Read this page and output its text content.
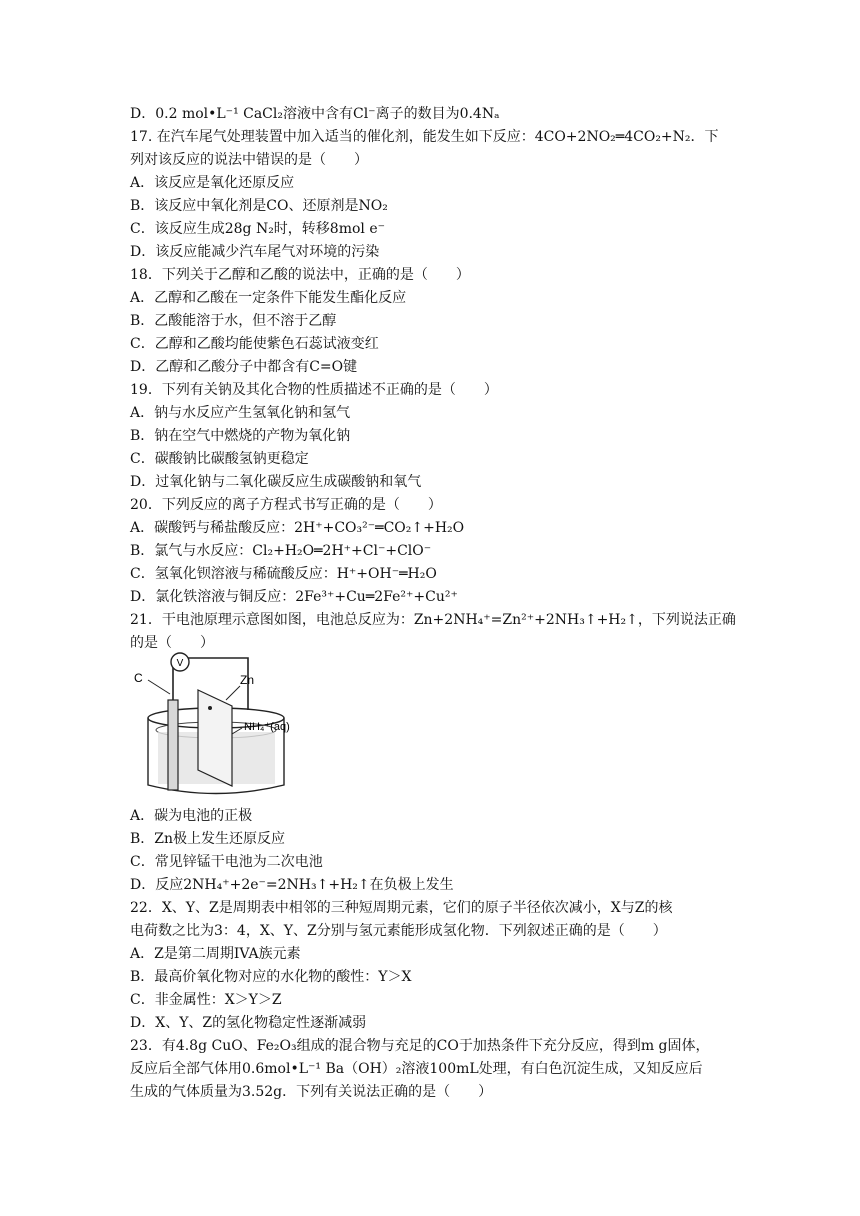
D．0.2 mol•L⁻¹ CaCl₂溶液中含有Cl⁻离子的数目为0.4Nₐ
17. 在汽车尾气处理装置中加入适当的催化剂，能发生如下反应：4CO+2NO₂═4CO₂+N₂．下
列对该反应的说法中错误的是（　　）
A．该反应是氧化还原反应
B．该反应中氧化剂是CO、还原剂是NO₂
C．该反应生成28g N₂时，转移8mol e⁻
D．该反应能减少汽车尾气对环境的污染
18．下列关于乙醇和乙酸的说法中，正确的是（　　）
A．乙醇和乙酸在一定条件下能发生酯化反应
B．乙酸能溶于水，但不溶于乙醇
C．乙醇和乙酸均能使紫色石蕊试液变红
D．乙醇和乙酸分子中都含有C=O键
19．下列有关钠及其化合物的性质描述不正确的是（　　）
A．钠与水反应产生氢氧化钠和氢气
B．钠在空气中燃烧的产物为氧化钠
C．碳酸钠比碳酸氢钠更稳定
D．过氧化钠与二氧化碳反应生成碳酸钠和氧气
20．下列反应的离子方程式书写正确的是（　　）
A．碳酸钙与稀盐酸反应：2H⁺+CO₃²⁻═CO₂↑+H₂O
B．氯气与水反应：Cl₂+H₂O═2H⁺+Cl⁻+ClO⁻
C．氢氧化钡溶液与稀硫酸反应：H⁺+OH⁻═H₂O
D．氯化铁溶液与铜反应：2Fe³⁺+Cu═2Fe²⁺+Cu²⁺
21．干电池原理示意图如图，电池总反应为：Zn+2NH₄⁺=Zn²⁺+2NH₃↑+H₂↑，下列说法正确
的是（　　）
V
C	Zn
NH₄⁺(aq)
A．碳为电池的正极
B．Zn极上发生还原反应
C．常见锌锰干电池为二次电池
D．反应2NH₄⁺+2e⁻=2NH₃↑+H₂↑在负极上发生
22．X、Y、Z是周期表中相邻的三种短周期元素，它们的原子半径依次减小，X与Z的核
电荷数之比为3：4，X、Y、Z分别与氢元素能形成氢化物．下列叙述正确的是（　　）
A．Z是第二周期IVA族元素
B．最高价氧化物对应的水化物的酸性：Y＞X
C．非金属性：X＞Y＞Z
D．X、Y、Z的氢化物稳定性逐渐减弱
23．有4.8g CuO、Fe₂O₃组成的混合物与充足的CO于加热条件下充分反应，得到m g固体，
反应后全部气体用0.6mol•L⁻¹ Ba（OH）₂溶液100mL处理，有白色沉淀生成，又知反应后
生成的气体质量为3.52g．下列有关说法正确的是（　　）
